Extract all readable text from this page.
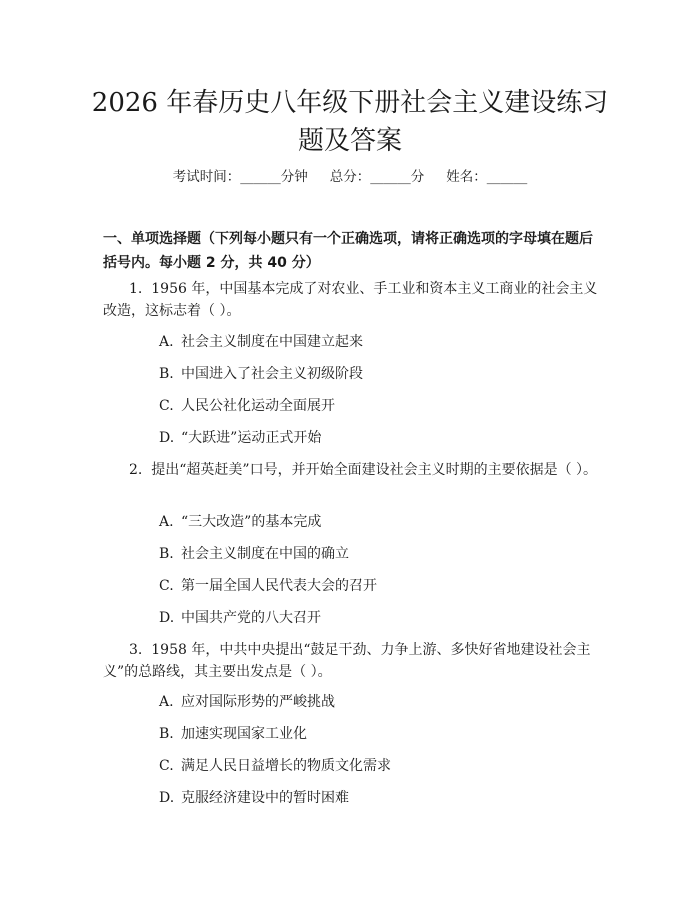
2026 年春历史八年级下册社会主义建设练习题及答案
考试时间：______分钟 总分：______分 姓名：______
一、单项选择题（下列每小题只有一个正确选项，请将正确选项的字母填在题后括号内。每小题 2 分，共 40 分）
1.  1956 年，中国基本完成了对农业、手工业和资本主义工商业的社会主义改造，这标志着（ ）。
A. 社会主义制度在中国建立起来
B. 中国进入了社会主义初级阶段
C. 人民公社化运动全面展开
D. “大跃进”运动正式开始
2. 提出“超英赶美”口号，并开始全面建设社会主义时期的主要依据是（ ）。
A. “三大改造”的基本完成
B. 社会主义制度在中国的确立
C. 第一届全国人民代表大会的召开
D. 中国共产党的八大召开
3. 1958 年，中共中央提出“鼓足干劲、力争上游、多快好省地建设社会主义”的总路线，其主要出发点是（ ）。
A. 应对国际形势的严峻挑战
B. 加速实现国家工业化
C. 满足人民日益增长的物质文化需求
D. 克服经济建设中的暂时困难
